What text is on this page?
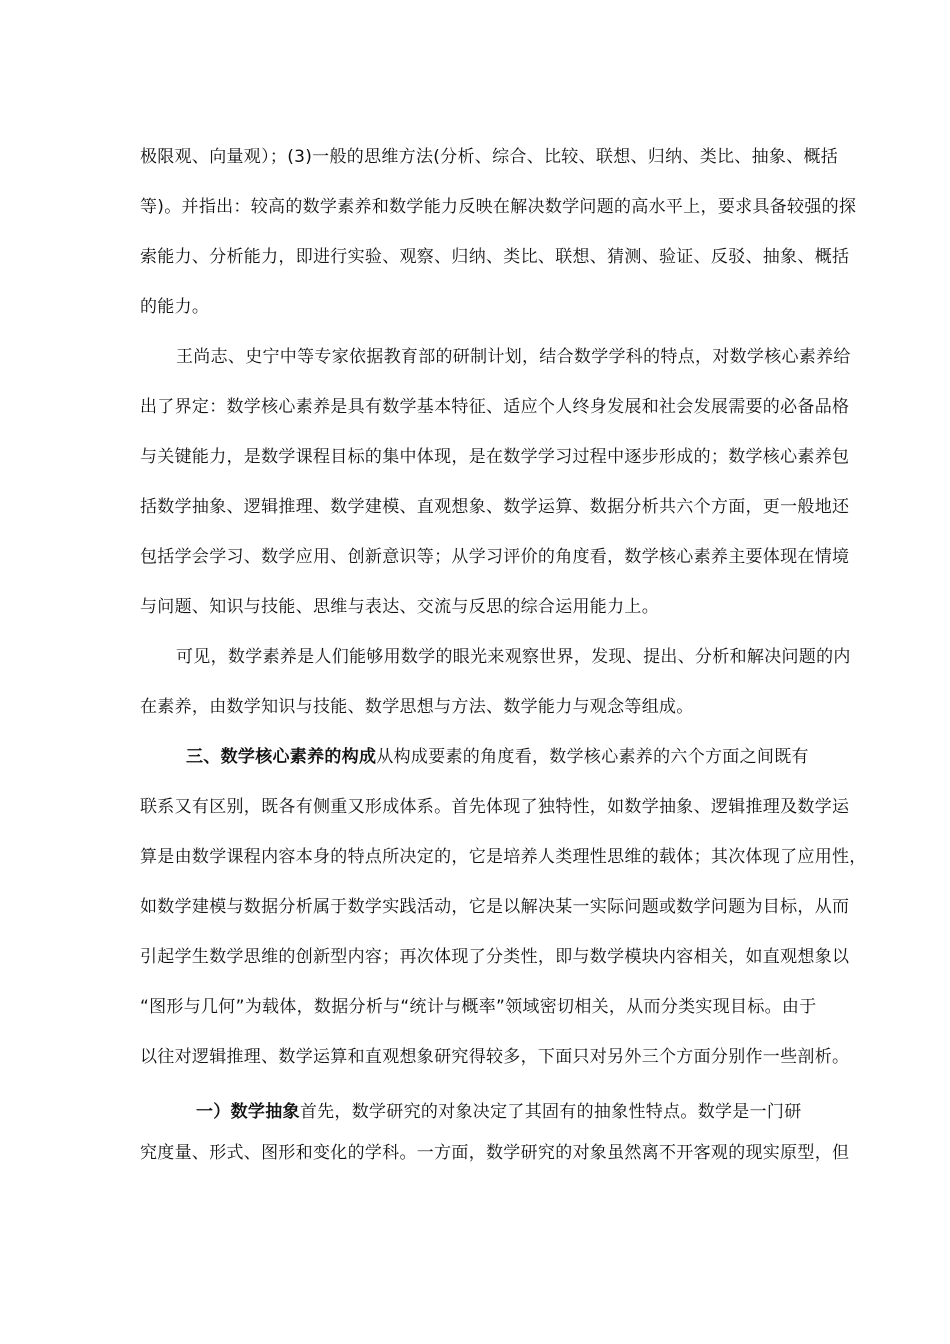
极限观、向量观）；(3)一般的思维方法(分析、综合、比较、联想、归纳、类比、抽象、概括
等)。并指出：较高的数学素养和数学能力反映在解决数学问题的高水平上，要求具备较强的探
索能力、分析能力，即进行实验、观察、归纳、类比、联想、猜测、验证、反驳、抽象、概括
的能力。
王尚志、史宁中等专家依据教育部的研制计划，结合数学学科的特点，对数学核心素养给
出了界定：数学核心素养是具有数学基本特征、适应个人终身发展和社会发展需要的必备品格
与关键能力，是数学课程目标的集中体现，是在数学学习过程中逐步形成的；数学核心素养包
括数学抽象、逻辑推理、数学建模、直观想象、数学运算、数据分析共六个方面，更一般地还
包括学会学习、数学应用、创新意识等；从学习评价的角度看，数学核心素养主要体现在情境
与问题、知识与技能、思维与表达、交流与反思的综合运用能力上。
可见，数学素养是人们能够用数学的眼光来观察世界，发现、提出、分析和解决问题的内
在素养，由数学知识与技能、数学思想与方法、数学能力与观念等组成。
三、数学核心素养的构成从构成要素的角度看，数学核心素养的六个方面之间既有
联系又有区别，既各有侧重又形成体系。首先体现了独特性，如数学抽象、逻辑推理及数学运
算是由数学课程内容本身的特点所决定的，它是培养人类理性思维的载体；其次体现了应用性，
如数学建模与数据分析属于数学实践活动，它是以解决某一实际问题或数学问题为目标，从而
引起学生数学思维的创新型内容；再次体现了分类性，即与数学模块内容相关，如直观想象以
“图形与几何”为载体，数据分析与“统计与概率”领域密切相关，从而分类实现目标。由于
以往对逻辑推理、数学运算和直观想象研究得较多，下面只对另外三个方面分别作一些剖析。
一）数学抽象首先，数学研究的对象决定了其固有的抽象性特点。数学是一门研
究度量、形式、图形和变化的学科。一方面，数学研究的对象虽然离不开客观的现实原型，但
